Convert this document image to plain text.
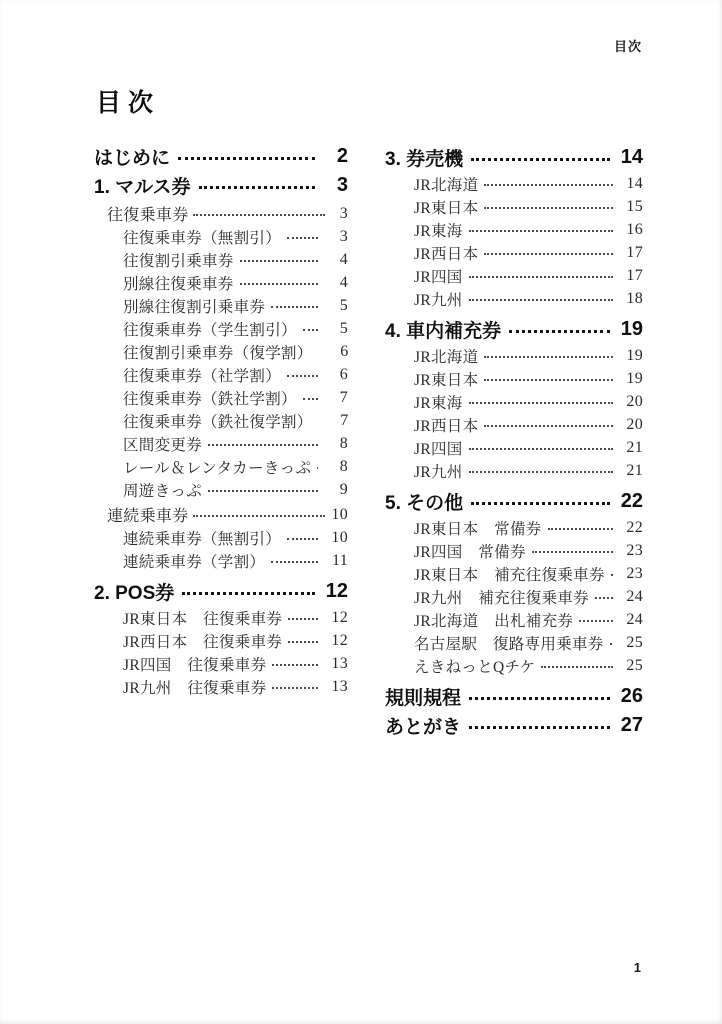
目次
目次
はじめに	2
1. マルス券	3
往復乗車券	3
往復乗車券（無割引）	3
往復割引乗車券	4
別線往復乗車券	4
別線往復割引乗車券	5
往復乗車券（学生割引）	5
往復割引乗車券（復学割）	6
往復乗車券（社学割）	6
往復乗車券（鉄社学割）	7
往復乗車券（鉄社復学割）	7
区間変更券	8
レール＆レンタカーきっぷ	8
周遊きっぷ	9
連続乗車券	10
連続乗車券（無割引）	10
連続乗車券（学割）	11
2. POS券	12
JR東日本　往復乗車券	12
JR西日本　往復乗車券	12
JR四国　往復乗車券	13
JR九州　往復乗車券	13
3. 券売機	14
JR北海道	14
JR東日本	15
JR東海	16
JR西日本	17
JR四国	17
JR九州	18
4. 車内補充券	19
JR北海道	19
JR東日本	19
JR東海	20
JR西日本	20
JR四国	21
JR九州	21
5. その他	22
JR東日本　常備券	22
JR四国　常備券	23
JR東日本　補充往復乗車券	23
JR九州　補充往復乗車券	24
JR北海道　出札補充券	24
名古屋駅　復路専用乗車券	25
えきねっとQチケ	25
規則規程	26
あとがき	27
1
